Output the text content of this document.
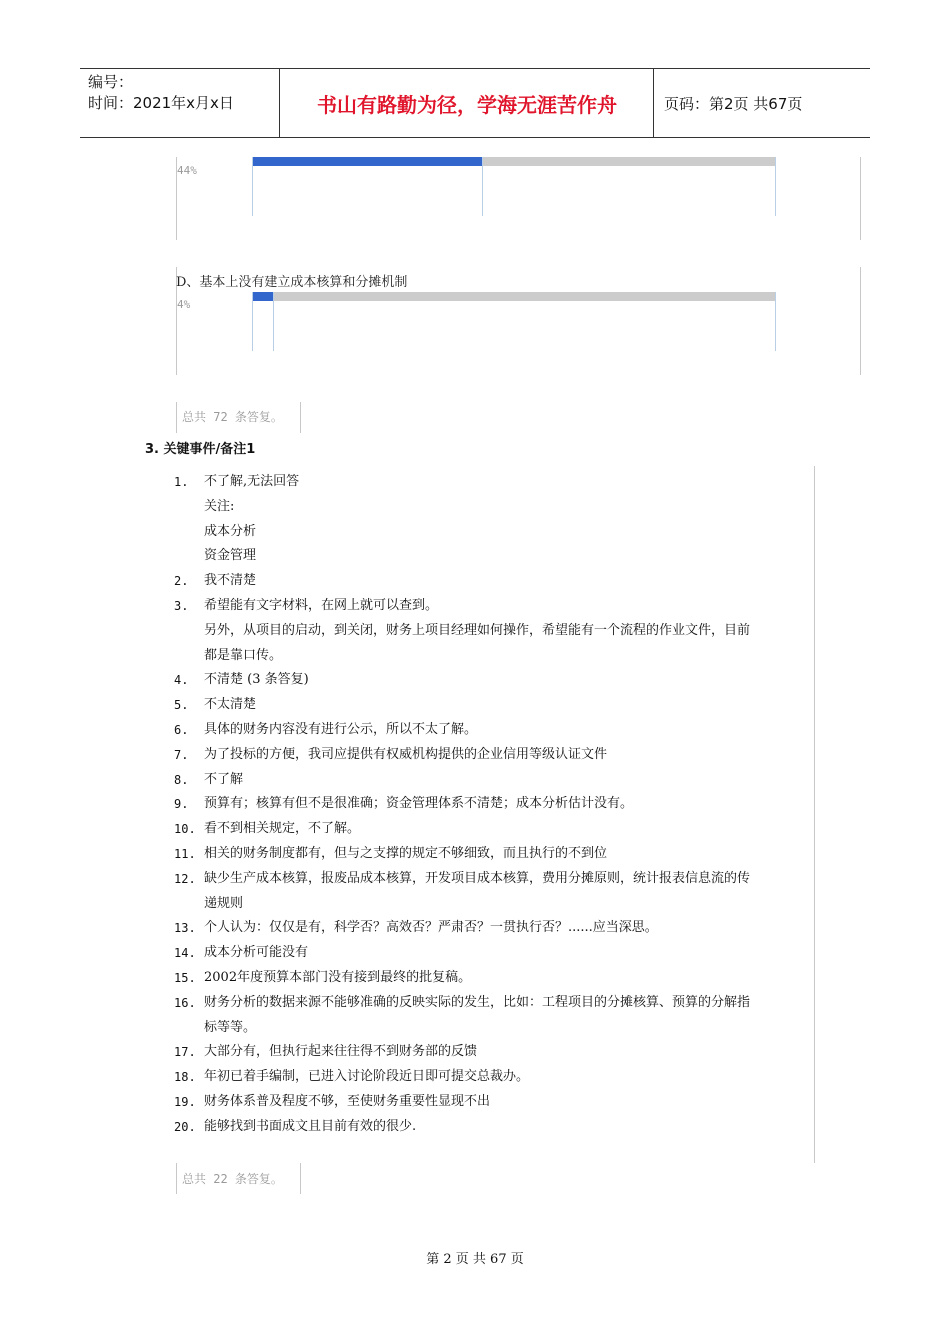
编号：
时间：2021年x月x日	书山有路勤为径，学海无涯苦作舟	页码：第2页 共67页
44%
D、基本上没有建立成本核算和分摊机制
4%
总共 72 条答复。
3. 关键事件/备注1
1. 不了解,无法回答
关注:
成本分析
资金管理
2. 我不清楚
3. 希望能有文字材料，在网上就可以查到。
另外，从项目的启动，到关闭，财务上项目经理如何操作，希望能有一个流程的作业文件，目前
都是靠口传。
4. 不清楚 (3 条答复)
5. 不太清楚
6. 具体的财务内容没有进行公示，所以不太了解。
7. 为了投标的方便，我司应提供有权威机构提供的企业信用等级认证文件
8. 不了解
9. 预算有；核算有但不是很准确；资金管理体系不清楚；成本分析估计没有。
10. 看不到相关规定，不了解。
11. 相关的财务制度都有，但与之支撑的规定不够细致，而且执行的不到位
12. 缺少生产成本核算，报废品成本核算，开发项目成本核算，费用分摊原则，统计报表信息流的传
递规则
13. 个人认为：仅仅是有，科学否？高效否？严肃否？一贯执行否？......应当深思。
14. 成本分析可能没有
15. 2002年度预算本部门没有接到最终的批复稿。
16. 财务分析的数据来源不能够准确的反映实际的发生，比如：工程项目的分摊核算、预算的分解指
标等等。
17. 大部分有，但执行起来往往得不到财务部的反馈
18. 年初已着手编制，已进入讨论阶段近日即可提交总裁办。
19. 财务体系普及程度不够，至使财务重要性显现不出
20. 能够找到书面成文且目前有效的很少.
总共 22 条答复。
第 2 页 共 67 页
